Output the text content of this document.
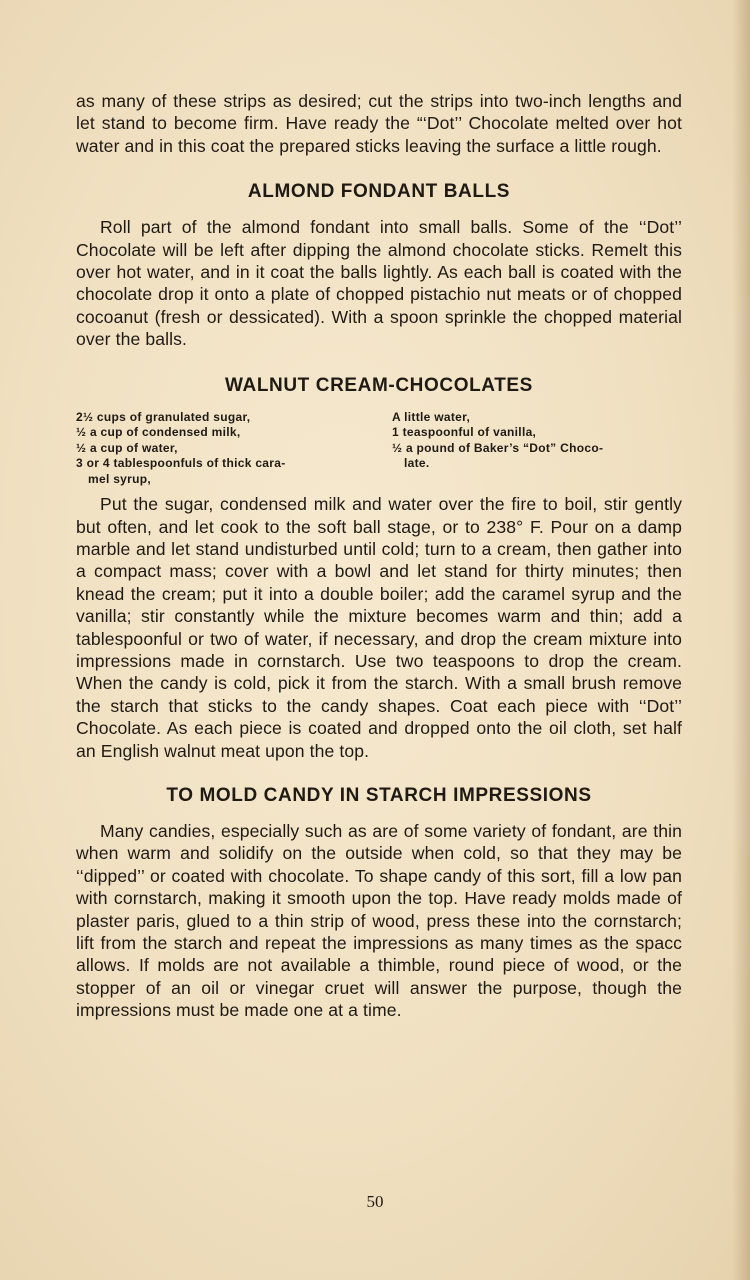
as many of these strips as desired; cut the strips into two-inch lengths and let stand to become firm. Have ready the “‘Dot’’ Chocolate melted over hot water and in this coat the prepared sticks leaving the surface a little rough.

ALMOND FONDANT BALLS

Roll part of the almond fondant into small balls. Some of the ‘‘Dot’’ Chocolate will be left after dipping the almond chocolate sticks. Remelt this over hot water, and in it coat the balls lightly. As each ball is coated with the chocolate drop it onto a plate of chopped pistachio nut meats or of chopped cocoanut (fresh or dessicated). With a spoon sprinkle the chopped material over the balls.

WALNUT CREAM-CHOCOLATES
2½ cups of granulated sugar,
½ a cup of condensed milk,
½ a cup of water,
3 or 4 tablespoonfuls of thick cara-
mel syrup,
A little water,
1 teaspoonful of vanilla,
½ a pound of Baker’s “Dot” Choco-
late.

Put the sugar, condensed milk and water over the fire to boil, stir gently but often, and let cook to the soft ball stage, or to 238° F. Pour on a damp marble and let stand undisturbed until cold; turn to a cream, then gather into a compact mass; cover with a bowl and let stand for thirty minutes; then knead the cream; put it into a double boiler; add the caramel syrup and the vanilla; stir constantly while the mixture becomes warm and thin; add a tablespoonful or two of water, if necessary, and drop the cream mixture into impressions made in cornstarch. Use two teaspoons to drop the cream. When the candy is cold, pick it from the starch. With a small brush remove the starch that sticks to the candy shapes. Coat each piece with ‘‘Dot’’ Chocolate. As each piece is coated and dropped onto the oil cloth, set half an English walnut meat upon the top.

TO MOLD CANDY IN STARCH IMPRESSIONS

Many candies, especially such as are of some variety of fondant, are thin when warm and solidify on the outside when cold, so that they may be ‘‘dipped’’ or coated with chocolate. To shape candy of this sort, fill a low pan with cornstarch, making it smooth upon the top. Have ready molds made of plaster paris, glued to a thin strip of wood, press these into the cornstarch; lift from the starch and repeat the impressions as many times as the spacc allows. If molds are not available a thimble, round piece of wood, or the stopper of an oil or vinegar cruet will answer the purpose, though the impressions must be made one at a time.

50
